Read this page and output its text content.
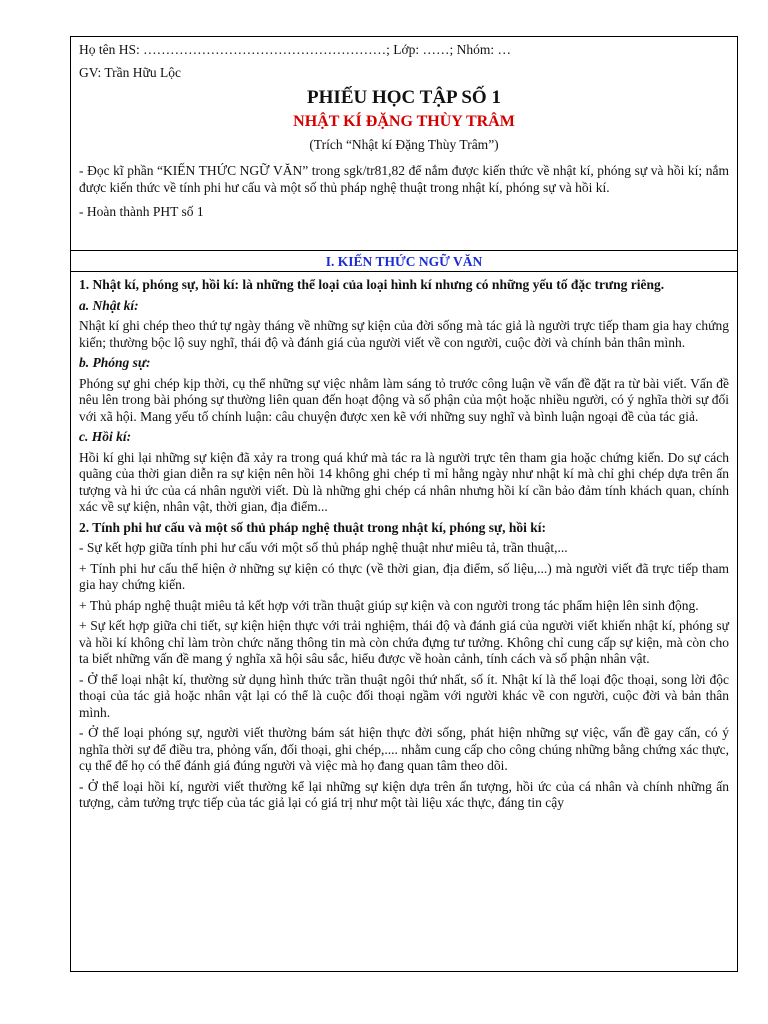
Họ tên HS: ………………………………………………; Lớp: ……; Nhóm: …
GV: Trần Hữu Lộc
PHIẾU HỌC TẬP SỐ 1
NHẬT KÍ ĐẶNG THÙY TRÂM
(Trích “Nhật kí Đặng Thùy Trâm”)

- Đọc kĩ phần “KIẾN THỨC NGỮ VĂN” trong sgk/tr81,82 để nắm được kiến thức về nhật kí, phóng sự và hồi kí; nắm được kiến thức về tính phi hư cấu và một số thủ pháp nghệ thuật trong nhật kí, phóng sự và hồi kí.

- Hoàn thành PHT số 1

I. KIẾN THỨC NGỮ VĂN

1. Nhật kí, phóng sự, hồi kí: là những thể loại của loại hình kí nhưng có những yếu tố đặc trưng riêng.

a. Nhật kí:

Nhật kí ghi chép theo thứ tự ngày tháng về những sự kiện của đời sống mà tác giả là người trực tiếp tham gia hay chứng kiến; thường bộc lộ suy nghĩ, thái độ và đánh giá của người viết về con người, cuộc đời và chính bản thân mình.

b. Phóng sự:

Phóng sự ghi chép kịp thời, cụ thể những sự việc nhằm làm sáng tỏ trước công luận về vấn đề đặt ra từ bài viết. Vấn đề nêu lên trong bài phóng sự thường liên quan đến hoạt động và số phận của một hoặc nhiều người, có ý nghĩa thời sự đối với xã hội. Mang yếu tố chính luận: câu chuyện được xen kẽ với những suy nghĩ và bình luận ngoại đề của tác giả.

c. Hồi kí:

Hồi kí ghi lại những sự kiện đã xảy ra trong quá khứ mà tác ra là người trực tên tham gia hoặc chứng kiến. Do sự cách quãng của thời gian diễn ra sự kiện nên hồi 14 không ghi chép tỉ mỉ hằng ngày như nhật kí mà chỉ ghi chép dựa trên ấn tượng và hi ức của cá nhân người viết. Dù là những ghi chép cá nhân nhưng hồi kí cần bảo đảm tính khách quan, chính xác về sự kiện, nhân vật, thời gian, địa điểm...

2. Tính phi hư cấu và một số thủ pháp nghệ thuật trong nhật kí, phóng sự, hồi kí:

- Sự kết hợp giữa tính phi hư cấu với một số thủ pháp nghệ thuật như miêu tả, trần thuật,...

+ Tính phi hư cấu thể hiện ở những sự kiện có thực (về thời gian, địa điểm, số liệu,...) mà người viết đã trực tiếp tham gia hay chứng kiến.

+ Thủ pháp nghệ thuật miêu tả kết hợp với trần thuật giúp sự kiện và con người trong tác phẩm hiện lên sinh động.

+ Sự kết hợp giữa chi tiết, sự kiện hiện thực với trải nghiệm, thái độ và đánh giá của người viết khiến nhật kí, phóng sự và hồi kí không chỉ làm tròn chức năng thông tin mà còn chứa đựng tư tưởng. Không chỉ cung cấp sự kiện, mà còn cho ta biết những vấn đề mang ý nghĩa xã hội sâu sắc, hiểu được về hoàn cảnh, tính cách và số phận nhân vật.

- Ở thể loại nhật kí, thường sử dụng hình thức trần thuật ngôi thứ nhất, số ít. Nhật kí là thể loại độc thoại, song lời độc thoại của tác giả hoặc nhân vật lại có thể là cuộc đối thoại ngầm với người khác về con người, cuộc đời và bản thân mình.

- Ở thể loại phóng sự, người viết thường bám sát hiện thực đời sống, phát hiện những sự việc, vấn đề gay cấn, có ý nghĩa thời sự để điều tra, phỏng vấn, đối thoại, ghi chép,.... nhằm cung cấp cho công chúng những bằng chứng xác thực, cụ thể để họ có thể đánh giá đúng người và việc mà họ đang quan tâm theo dõi.

- Ở thể loại hồi kí, người viết thường kể lại những sự kiện dựa trên ấn tượng, hồi ức của cá nhân và chính những ấn tượng, cảm tưởng trực tiếp của tác giả lại có giá trị như một tài liệu xác thực, đáng tin cậy
